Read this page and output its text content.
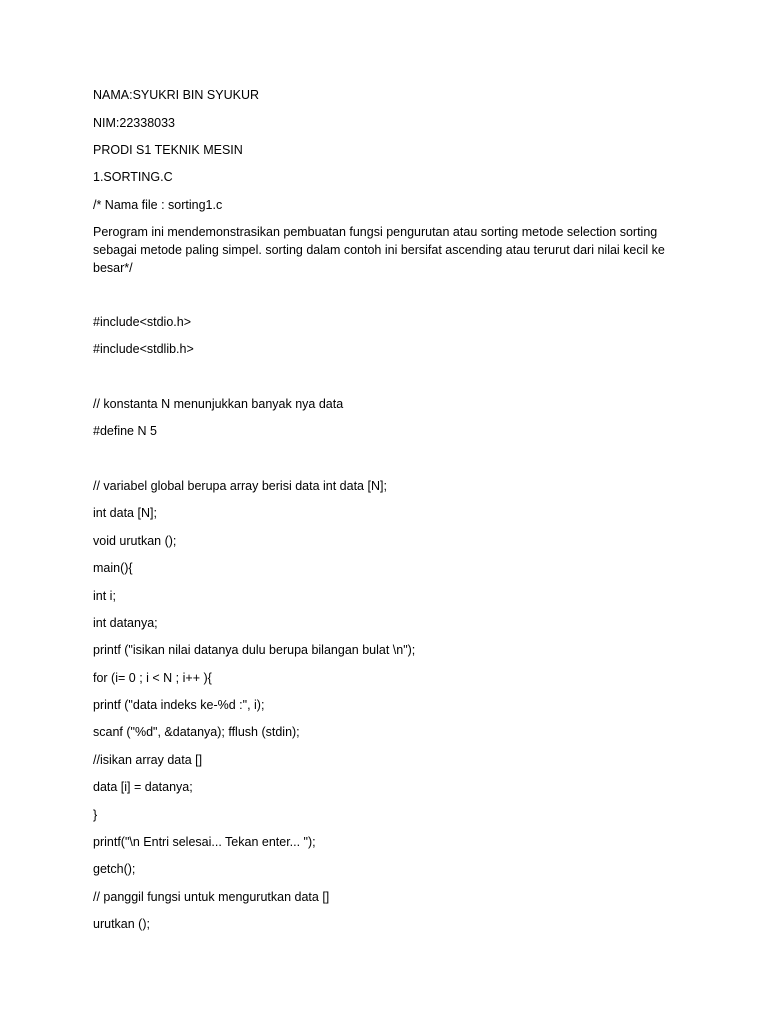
NAMA:SYUKRI BIN SYUKUR
NIM:22338033
PRODI S1 TEKNIK MESIN
1.SORTING.C
/* Nama file : sorting1.c
Perogram ini mendemonstrasikan pembuatan fungsi pengurutan atau sorting metode selection sorting sebagai metode paling simpel. sorting dalam contoh ini bersifat ascending atau terurut dari nilai kecil ke besar*/
#include<stdio.h>
#include<stdlib.h>
// konstanta N menunjukkan banyak nya data
#define N 5
// variabel global berupa array berisi data int data [N];
int data [N];
void urutkan ();
main(){
int i;
int datanya;
printf ("isikan nilai datanya dulu berupa bilangan bulat \n");
for (i= 0 ; i < N ; i++ ){
printf ("data indeks ke-%d :", i);
scanf ("%d", &datanya); fflush (stdin);
//isikan array data []
data [i] = datanya;
}
printf("\n Entri selesai... Tekan enter... ");
getch();
// panggil fungsi untuk mengurutkan data []
urutkan ();
